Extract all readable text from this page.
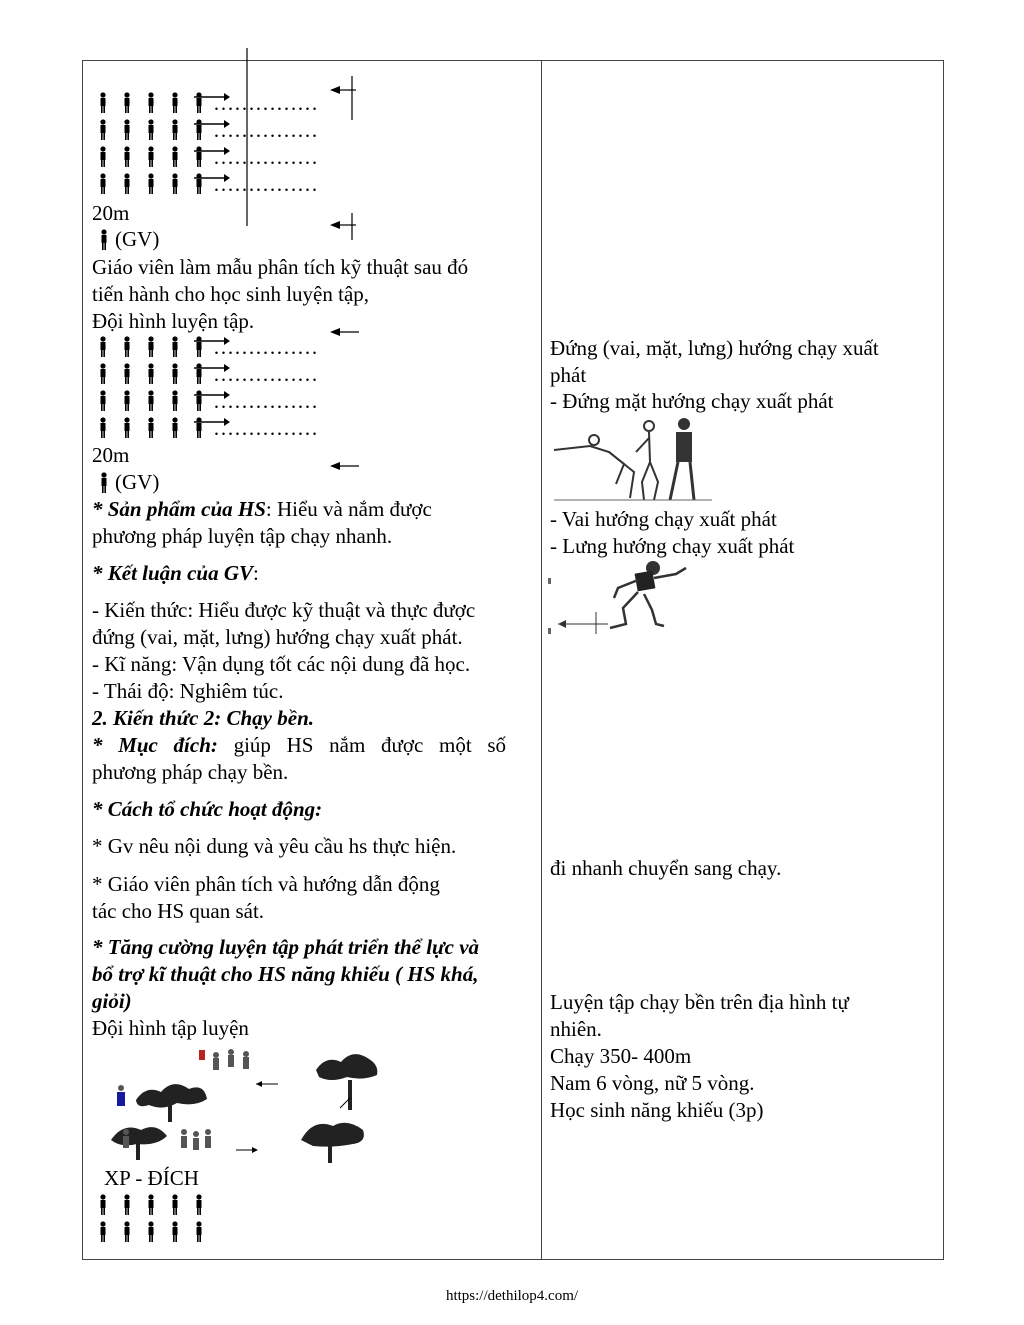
……………
……………
……………
……………
20m
(GV)
Giáo viên làm mẫu phân tích kỹ thuật sau đó
tiến hành cho học sinh luyện tập,
Đội hình luyện tập.
……………
……………
……………
……………
20m
(GV)
* Sản phẩm của HS: Hiểu và nắm được
phương pháp luyện tập chạy nhanh.
* Kết luận của GV:
- Kiến thức: Hiểu được kỹ thuật và thực được
đứng (vai, mặt, lưng) hướng chạy xuất phát.
- Kĩ năng: Vận dụng tốt các nội dung đã học.
- Thái độ: Nghiêm túc.
2. Kiến thức 2: Chạy bền.
* Mục đích: giúp HS nắm được một số
phương pháp chạy bền.
* Cách tổ chức hoạt động:
* Gv nêu nội dung và yêu cầu hs thực hiện.
* Giáo viên phân tích và hướng dẫn động
tác cho HS quan sát.
* Tăng cường luyện tập phát triển thể lực và
bổ trợ kĩ thuật cho HS năng khiếu ( HS khá,
giỏi)
Đội hình tập luyện
XP - ĐÍCH
Đứng (vai, mặt, lưng) hướng chạy xuất
phát
- Đứng mặt hướng chạy xuất phát
- Vai hướng chạy xuất phát
- Lưng hướng chạy xuất phát
đi nhanh chuyển sang chạy.
Luyện tập chạy bền trên địa hình tự
nhiên.
Chạy 350- 400m
Nam 6 vòng, nữ 5 vòng.
Học sinh năng khiếu (3p)
https://dethilop4.com/
